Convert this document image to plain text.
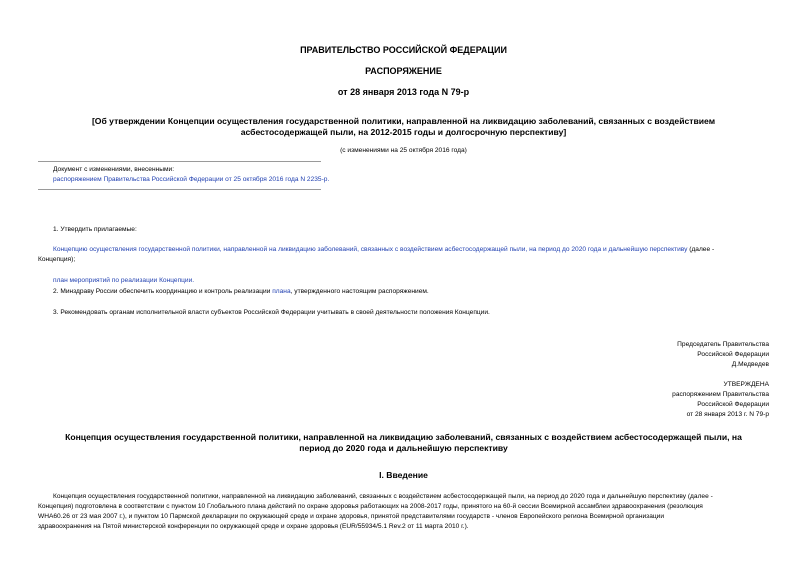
ПРАВИТЕЛЬСТВО РОССИЙСКОЙ ФЕДЕРАЦИИ
РАСПОРЯЖЕНИЕ
от 28 января 2013 года N 79-р
[Об утверждении Концепции осуществления государственной политики, направленной на ликвидацию заболеваний, связанных с воздействием
асбестосодержащей пыли, на 2012-2015 годы и долгосрочную перспективу]
(с изменениями на 25 октября 2016 года)
Документ с изменениями, внесенными:
распоряжением Правительства Российской Федерации от 25 октября 2016 года N 2235-р.
1. Утвердить прилагаемые:
Концепцию осуществления государственной политики, направленной на ликвидацию заболеваний, связанных с воздействием асбестосодержащей пыли, на период до 2020 года и дальнейшую перспективу (далее -
Концепция);
план мероприятий по реализации Концепции.
2. Минздраву России обеспечить координацию и контроль реализации плана, утвержденного настоящим распоряжением.
3. Рекомендовать органам исполнительной власти субъектов Российской Федерации учитывать в своей деятельности положения Концепции.
Председатель Правительства
Российской Федерации
Д.Медведев
УТВЕРЖДЕНА
распоряжением Правительства
Российской Федерации
от 28 января 2013 г. N 79-р
Концепция осуществления государственной политики, направленной на ликвидацию заболеваний, связанных с воздействием асбестосодержащей пыли, на
период до 2020 года и дальнейшую перспективу
I. Введение
Концепция осуществления государственной политики, направленной на ликвидацию заболеваний, связанных с воздействием асбестосодержащей пыли, на период до 2020 года и дальнейшую перспективу (далее -
Концепция) подготовлена в соответствии с пунктом 10 Глобального плана действий по охране здоровья работающих на 2008-2017 годы, принятого на 60-й сессии Всемирной ассамблеи здравоохранения (резолюция
WHA60.26 от 23 мая 2007 г.), и пунктом 10 Пармской декларации по окружающей среде и охране здоровья, принятой представителями государств - членов Европейского региона Всемирной организации
здравоохранения на Пятой министерской конференции по окружающей среде и охране здоровья (EUR/55934/5.1 Rev.2 от 11 марта 2010 г.).
